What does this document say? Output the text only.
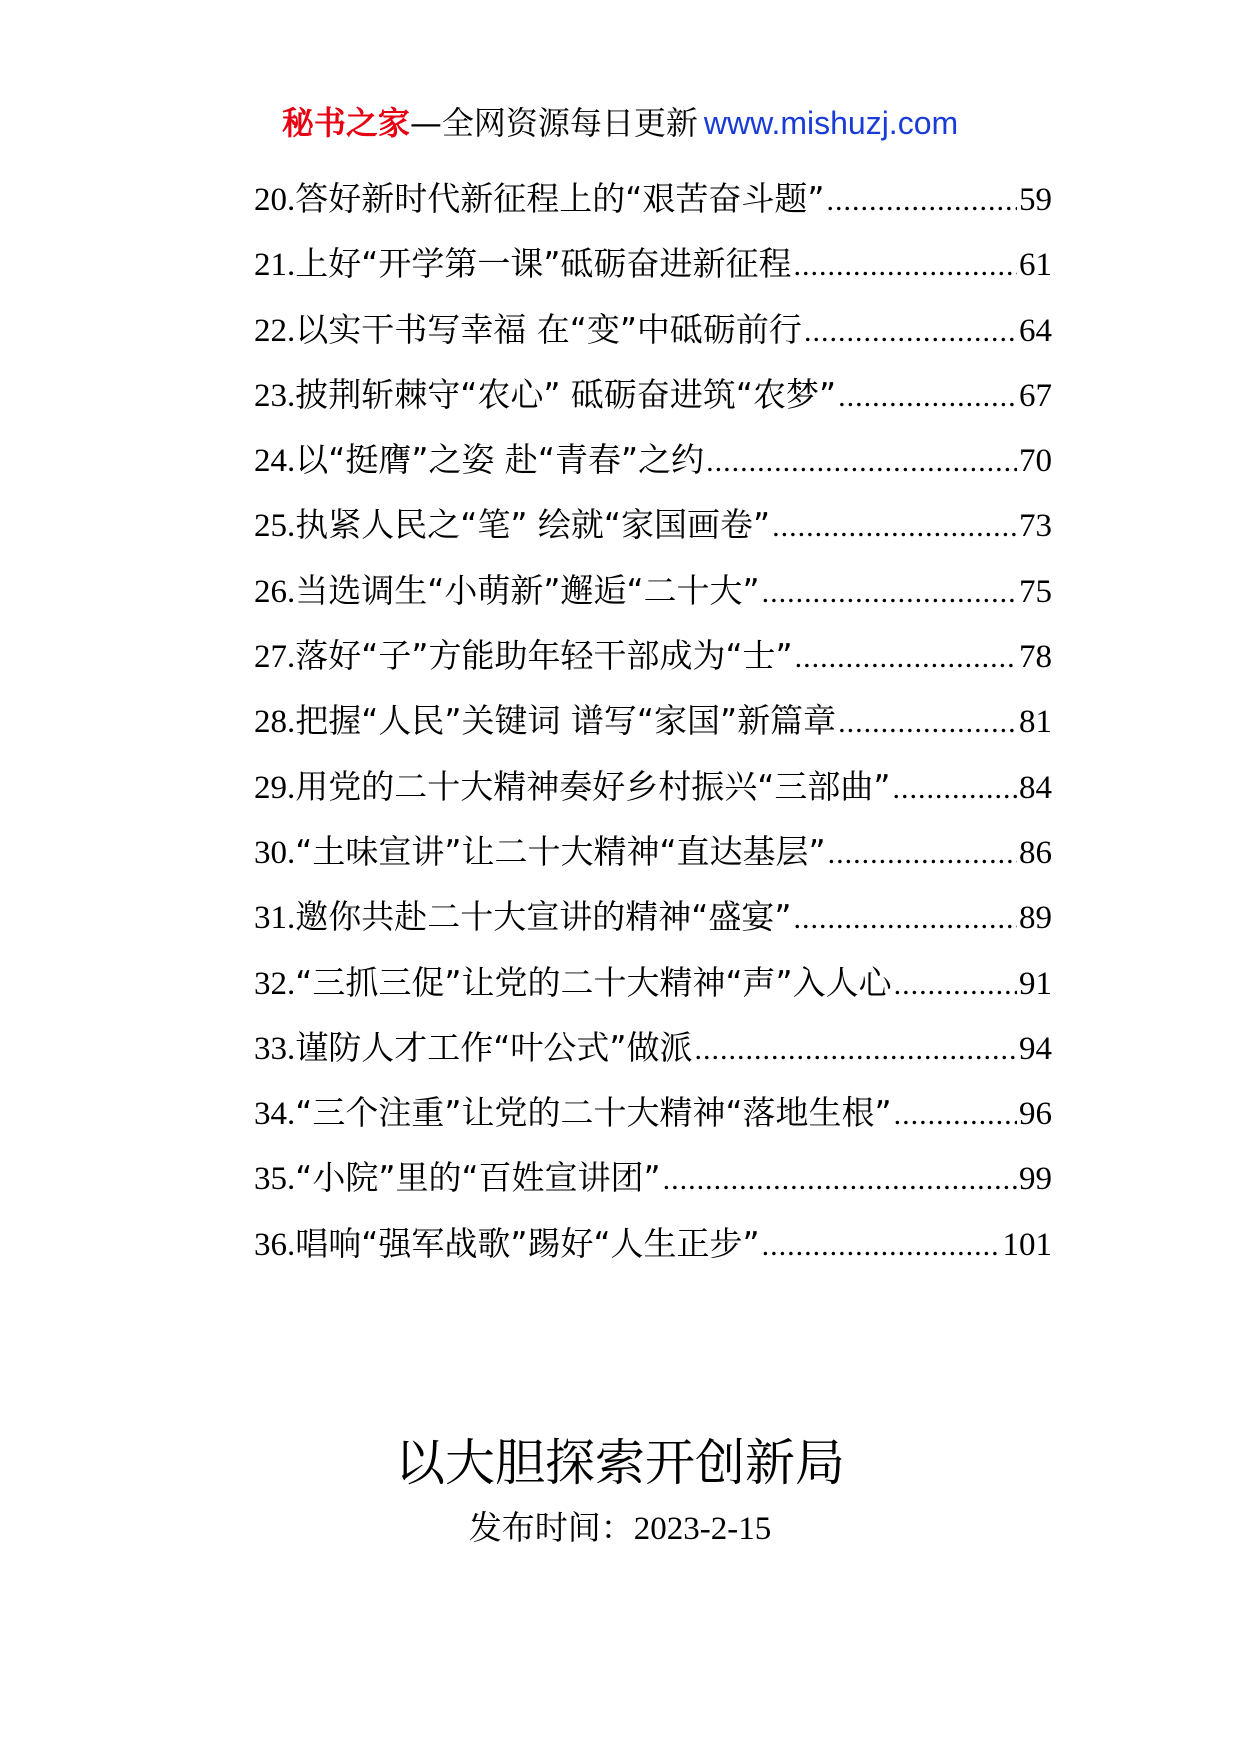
秘书之家—全网资源每日更新 www.mishuzj.com
20. 答好新时代新征程上的“艰苦奋斗题” .....	59
21. 上好“开学第一课”砥砺奋进新征程 .....	61
22. 以实干书写幸福 在“变”中砥砺前行 .....	64
23. 披荆斩棘守“农心” 砥砺奋进筑“农梦” .....	67
24. 以“挺膺”之姿 赴“青春”之约 .....	70
25. 执紧人民之“笔” 绘就“家国画卷” .....	73
26. 当选调生“小萌新”邂逅“二十大” .....	75
27. 落好“子”方能助年轻干部成为“士” .....	78
28. 把握“人民”关键词 谱写“家国”新篇章 .....	81
29. 用党的二十大精神奏好乡村振兴“三部曲” .....	84
30. “土味宣讲”让二十大精神“直达基层” .....	86
31. 邀你共赴二十大宣讲的精神“盛宴” .....	89
32. “三抓三促”让党的二十大精神“声”入人心 .....	91
33. 谨防人才工作“叶公式”做派 .....	94
34. “三个注重”让党的二十大精神“落地生根” .....	96
35. “小院”里的“百姓宣讲团” .....	99
36. 唱响“强军战歌”踢好“人生正步” .....	101
以大胆探索开创新局
发布时间：2023-2-15
